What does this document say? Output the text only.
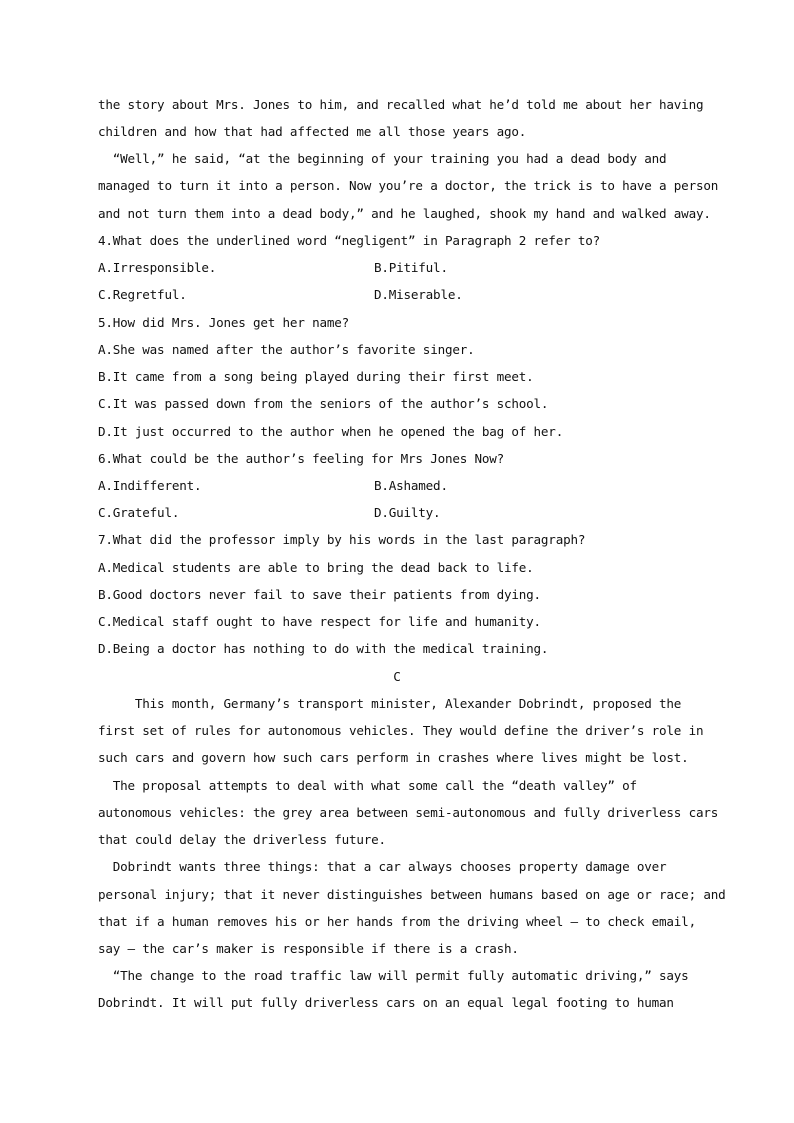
the story about Mrs. Jones to him, and recalled what he’d told me about her having
children and how that had affected me all those years ago.
“Well,” he said, “at the beginning of your training you had a dead body and
managed to turn it into a person. Now you’re a doctor, the trick is to have a person
and not turn them into a dead body,” and he laughed, shook my hand and walked away.
4.What does the underlined word “negligent” in Paragraph 2 refer to?
A.Irresponsible.	B.Pitiful.
C.Regretful.	D.Miserable.
5.How did Mrs. Jones get her name?
A.She was named after the author’s favorite singer.
B.It came from a song being played during their first meet.
C.It was passed down from the seniors of the author’s school.
D.It just occurred to the author when he opened the bag of her.
6.What could be the author’s feeling for Mrs Jones Now?
A.Indifferent.	B.Ashamed.
C.Grateful.	D.Guilty.
7.What did the professor imply by his words in the last paragraph?
A.Medical students are able to bring the dead back to life.
B.Good doctors never fail to save their patients from dying.
C.Medical staff ought to have respect for life and humanity.
D.Being a doctor has nothing to do with the medical training.
C
This month, Germany’s transport minister, Alexander Dobrindt, proposed the
first set of rules for autonomous vehicles. They would define the driver’s role in
such cars and govern how such cars perform in crashes where lives might be lost.
The proposal attempts to deal with what some call the “death valley” of
autonomous vehicles: the grey area between semi-autonomous and fully driverless cars
that could delay the driverless future.
Dobrindt wants three things: that a car always chooses property damage over
personal injury; that it never distinguishes between humans based on age or race; and
that if a human removes his or her hands from the driving wheel — to check email,
say — the car’s maker is responsible if there is a crash.
“The change to the road traffic law will permit fully automatic driving,” says
Dobrindt. It will put fully driverless cars on an equal legal footing to human
